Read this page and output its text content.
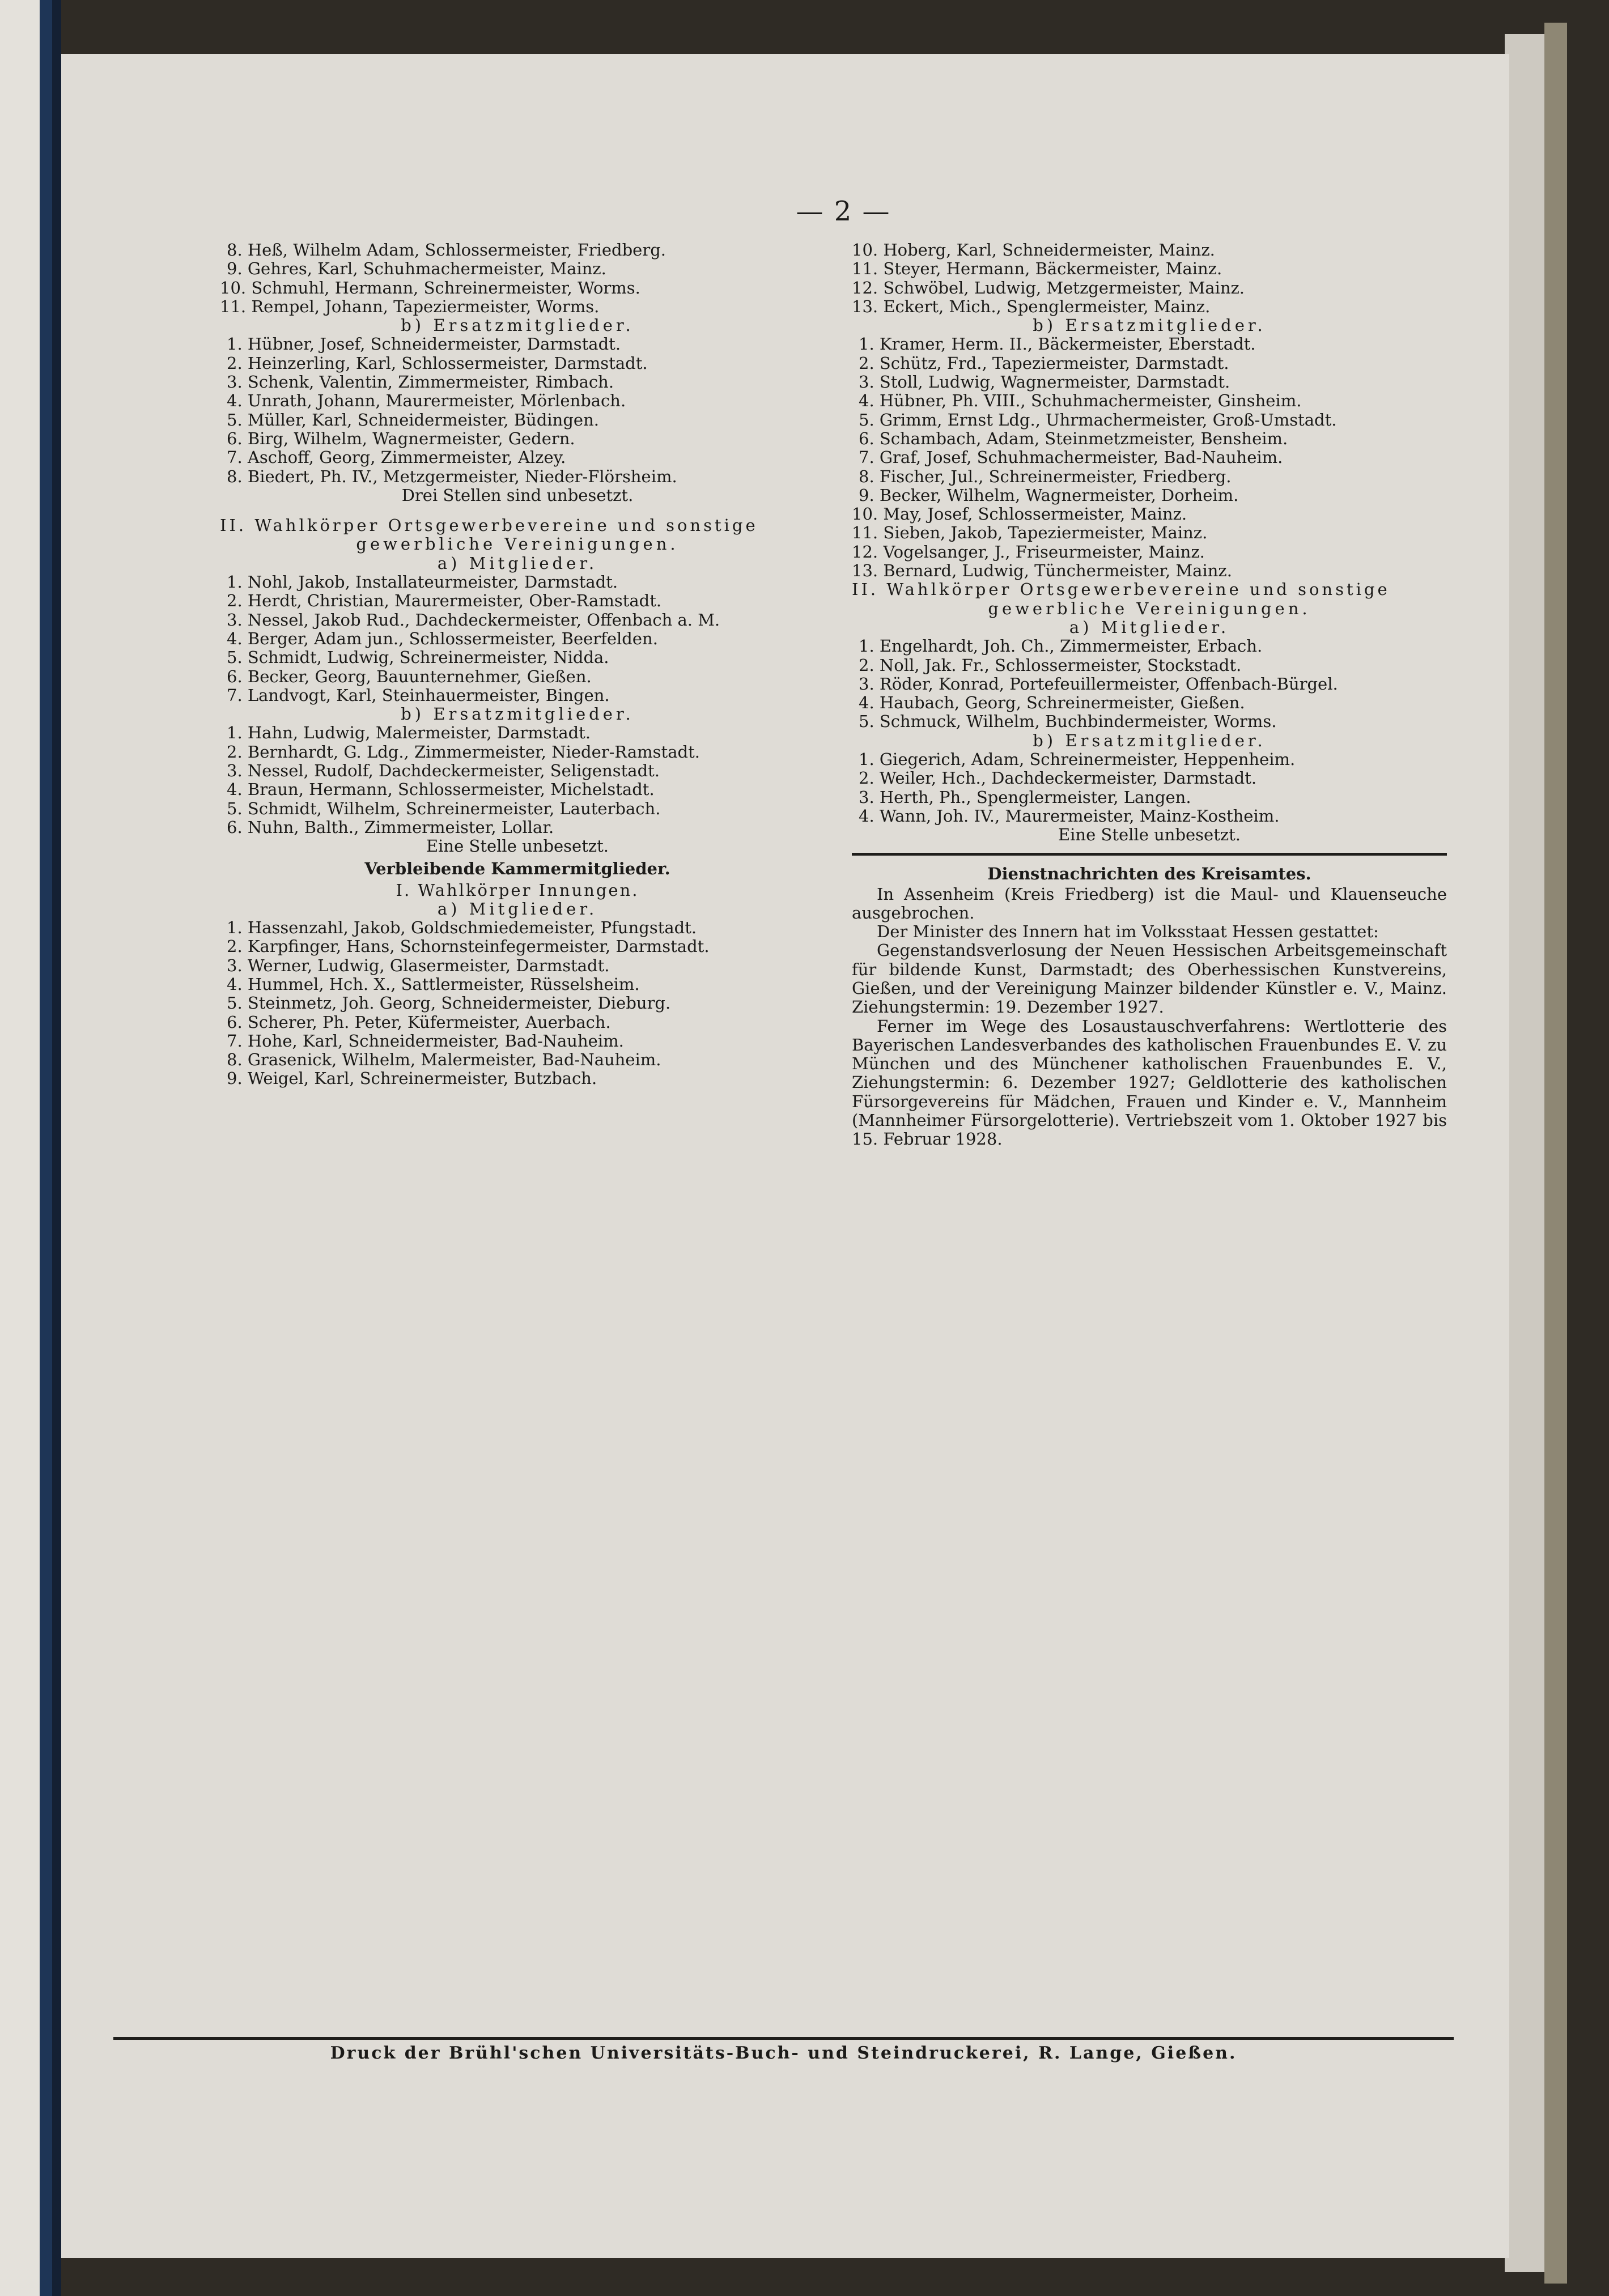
— 2 —
8. Heß, Wilhelm Adam, Schlossermeister, Friedberg.
9. Gehres, Karl, Schuhmachermeister, Mainz.
10. Schmuhl, Hermann, Schreinermeister, Worms.
11. Rempel, Johann, Tapeziermeister, Worms.
b) Ersatzmitglieder.
1. Hübner, Josef, Schneidermeister, Darmstadt.
2. Heinzerling, Karl, Schlossermeister, Darmstadt.
3. Schenk, Valentin, Zimmermeister, Rimbach.
4. Unrath, Johann, Maurermeister, Mörlenbach.
5. Müller, Karl, Schneidermeister, Büdingen.
6. Birg, Wilhelm, Wagnermeister, Gedern.
7. Aschoff, Georg, Zimmermeister, Alzey.
8. Biedert, Ph. IV., Metzgermeister, Nieder-Flörsheim.
Drei Stellen sind unbesetzt.
II. Wahlkörper Ortsgewerbevereine und sonstige
gewerbliche Vereinigungen.
a) Mitglieder.
1. Nohl, Jakob, Installateurmeister, Darmstadt.
2. Herdt, Christian, Maurermeister, Ober-Ramstadt.
3. Nessel, Jakob Rud., Dachdeckermeister, Offenbach a. M.
4. Berger, Adam jun., Schlossermeister, Beerfelden.
5. Schmidt, Ludwig, Schreinermeister, Nidda.
6. Becker, Georg, Bauunternehmer, Gießen.
7. Landvogt, Karl, Steinhauermeister, Bingen.
b) Ersatzmitglieder.
1. Hahn, Ludwig, Malermeister, Darmstadt.
2. Bernhardt, G. Ldg., Zimmermeister, Nieder-Ramstadt.
3. Nessel, Rudolf, Dachdeckermeister, Seligenstadt.
4. Braun, Hermann, Schlossermeister, Michelstadt.
5. Schmidt, Wilhelm, Schreinermeister, Lauterbach.
6. Nuhn, Balth., Zimmermeister, Lollar.
Eine Stelle unbesetzt.
Verbleibende Kammermitglieder.
I. Wahlkörper Innungen.
a) Mitglieder.
1. Hassenzahl, Jakob, Goldschmiedemeister, Pfungstadt.
2. Karpfinger, Hans, Schornsteinfegermeister, Darmstadt.
3. Werner, Ludwig, Glasermeister, Darmstadt.
4. Hummel, Hch. X., Sattlermeister, Rüsselsheim.
5. Steinmetz, Joh. Georg, Schneidermeister, Dieburg.
6. Scherer, Ph. Peter, Küfermeister, Auerbach.
7. Hohe, Karl, Schneidermeister, Bad-Nauheim.
8. Grasenick, Wilhelm, Malermeister, Bad-Nauheim.
9. Weigel, Karl, Schreinermeister, Butzbach.
10. Hoberg, Karl, Schneidermeister, Mainz.
11. Steyer, Hermann, Bäckermeister, Mainz.
12. Schwöbel, Ludwig, Metzgermeister, Mainz.
13. Eckert, Mich., Spenglermeister, Mainz.
b) Ersatzmitglieder.
1. Kramer, Herm. II., Bäckermeister, Eberstadt.
2. Schütz, Frd., Tapeziermeister, Darmstadt.
3. Stoll, Ludwig, Wagnermeister, Darmstadt.
4. Hübner, Ph. VIII., Schuhmachermeister, Ginsheim.
5. Grimm, Ernst Ldg., Uhrmachermeister, Groß-Umstadt.
6. Schambach, Adam, Steinmetzmeister, Bensheim.
7. Graf, Josef, Schuhmachermeister, Bad-Nauheim.
8. Fischer, Jul., Schreinermeister, Friedberg.
9. Becker, Wilhelm, Wagnermeister, Dorheim.
10. May, Josef, Schlossermeister, Mainz.
11. Sieben, Jakob, Tapeziermeister, Mainz.
12. Vogelsanger, J., Friseurmeister, Mainz.
13. Bernard, Ludwig, Tünchermeister, Mainz.
II. Wahlkörper Ortsgewerbevereine und sonstige
gewerbliche Vereinigungen.
a) Mitglieder.
1. Engelhardt, Joh. Ch., Zimmermeister, Erbach.
2. Noll, Jak. Fr., Schlossermeister, Stockstadt.
3. Röder, Konrad, Portefeuillermeister, Offenbach-Bürgel.
4. Haubach, Georg, Schreinermeister, Gießen.
5. Schmuck, Wilhelm, Buchbindermeister, Worms.
b) Ersatzmitglieder.
1. Giegerich, Adam, Schreinermeister, Heppenheim.
2. Weiler, Hch., Dachdeckermeister, Darmstadt.
3. Herth, Ph., Spenglermeister, Langen.
4. Wann, Joh. IV., Maurermeister, Mainz-Kostheim.
Eine Stelle unbesetzt.
Dienstnachrichten des Kreisamtes.
In Assenheim (Kreis Friedberg) ist die Maul- und Klauenseuche ausgebrochen.
Der Minister des Innern hat im Volksstaat Hessen gestattet:
Gegenstandsverlosung der Neuen Hessischen Arbeitsgemeinschaft für bildende Kunst, Darmstadt; des Oberhessischen Kunstvereins, Gießen, und der Vereinigung Mainzer bildender Künstler e. V., Mainz. Ziehungstermin: 19. Dezember 1927.
Ferner im Wege des Losaustauschverfahrens: Wertlotterie des Bayerischen Landesverbandes des katholischen Frauenbundes E. V. zu München und des Münchener katholischen Frauenbundes E. V., Ziehungstermin: 6. Dezember 1927; Geldlotterie des katholischen Fürsorgevereins für Mädchen, Frauen und Kinder e. V., Mannheim (Mannheimer Fürsorgelotterie). Vertriebszeit vom 1. Oktober 1927 bis 15. Februar 1928.
Druck der Brühl'schen Universitäts-Buch- und Steindruckerei, R. Lange, Gießen.
